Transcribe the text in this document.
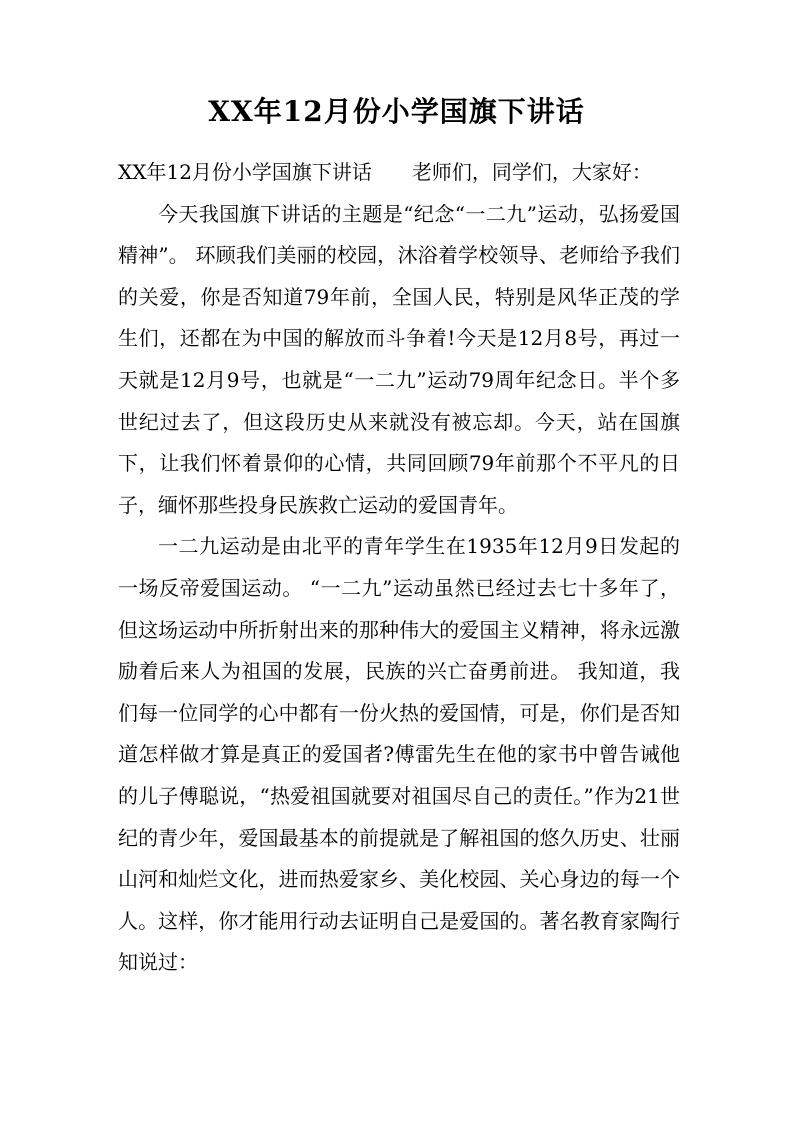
XX年12月份小学国旗下讲话

XX年12月份小学国旗下讲话 老师们，同学们，大家好：

今天我国旗下讲话的主题是“纪念“一二九”运动，弘扬爱国精神”。 环顾我们美丽的校园，沐浴着学校领导、老师给予我们的关爱，你是否知道79年前，全国人民，特别是风华正茂的学生们，还都在为中国的解放而斗争着!今天是12月8号，再过一天就是12月9号，也就是“一二九”运动79周年纪念日。半个多世纪过去了，但这段历史从来就没有被忘却。今天，站在国旗下，让我们怀着景仰的心情，共同回顾79年前那个不平凡的日子，缅怀那些投身民族救亡运动的爱国青年。

一二九运动是由北平的青年学生在1935年12月9日发起的一场反帝爱国运动。 “一二九”运动虽然已经过去七十多年了，但这场运动中所折射出来的那种伟大的爱国主义精神，将永远激励着后来人为祖国的发展，民族的兴亡奋勇前进。 我知道，我们每一位同学的心中都有一份火热的爱国情，可是，你们是否知道怎样做才算是真正的爱国者?傅雷先生在他的家书中曾告诫他的儿子傅聪说，“热爱祖国就要对祖国尽自己的责任。”作为21世纪的青少年，爱国最基本的前提就是了解祖国的悠久历史、壮丽山河和灿烂文化，进而热爱家乡、美化校园、关心身边的每一个人。这样，你才能用行动去证明自己是爱国的。著名教育家陶行知说过：
